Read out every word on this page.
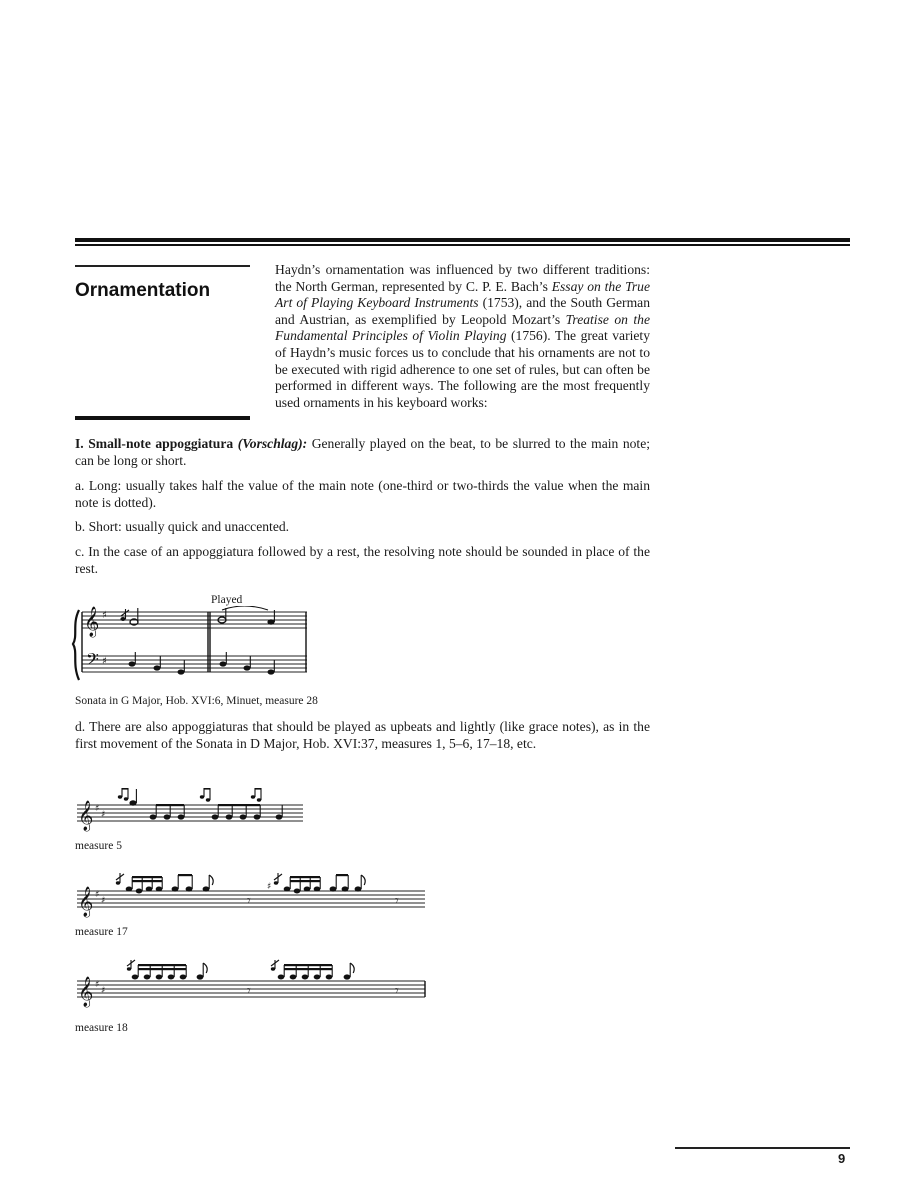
Ornamentation
Haydn’s ornamentation was influenced by two different traditions: the North German, represented by C. P. E. Bach’s Essay on the True Art of Playing Keyboard Instruments (1753), and the South German and Austrian, as exemplified by Leopold Mozart’s Treatise on the Fundamental Principles of Violin Playing (1756). The great variety of Haydn’s music forces us to conclude that his ornaments are not to be executed with rigid adherence to one set of rules, but can often be performed in different ways. The following are the most frequently used ornaments in his keyboard works:
I. Small-note appoggiatura (Vorschlag): Generally played on the beat, to be slurred to the main note; can be long or short.
a. Long: usually takes half the value of the main note (one-third or two-thirds the value when the main note is dotted).
b. Short: usually quick and unaccented.
c. In the case of an appoggiatura followed by a rest, the resolving note should be sounded in place of the rest.
Played
𝄞
𝄢
♯
♯
Sonata in G Major, Hob. XVI:6, Minuet, measure 28
d. There are also appoggiaturas that should be played as upbeats and lightly (like grace notes), as in the first movement of the Sonata in D Major, Hob. XVI:37, measures 1, 5–6, 17–18, etc.
𝄞 ♯
♯
measure 5
𝄞 ♯
♯	𝄾
♯
𝄾
measure 17
𝄞 ♯
♯	𝄾	𝄾
measure 18
9
